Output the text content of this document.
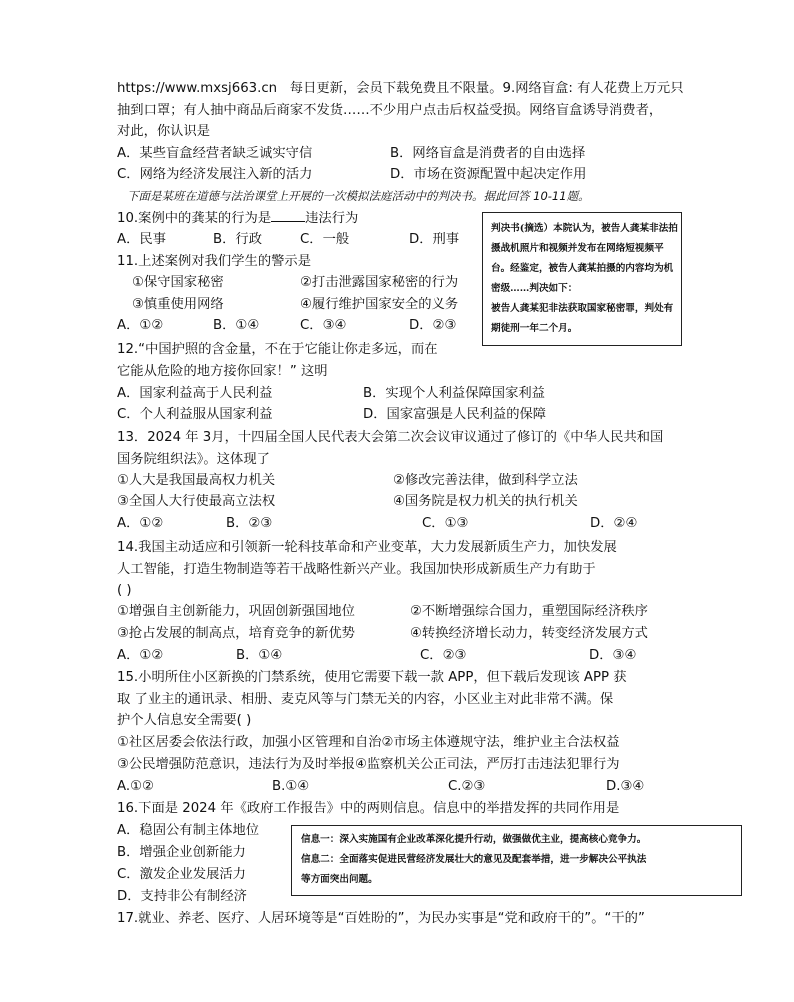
https://www.mxsj663.cn 每日更新，会员下载免费且不限量。9.网络盲盒: 有人花费上万元只
抽到口罩；有人抽中商品后商家不发货……不少用户点击后权益受损。网络盲盒诱导消费者，
对此，你认识是
A．某些盲盒经营者缺乏诚实守信	B．网络盲盒是消费者的自由选择
C．网络为经济发展注入新的活力	D．市场在资源配置中起决定作用
下面是某班在道德与法治课堂上开展的一次模拟法庭活动中的判决书。据此回答 10-11题。
10.案例中的龚某的行为是	违法行为
A．民事	B．行政	C．一般	D．刑事
判决书(摘选）本院认为，被告人龚某非法拍
摄战机照片和视频并发布在网络短视频平
台。经鉴定，被告人龚某拍摄的内容均为机
密级……判决如下：
被告人龚某犯非法获取国家秘密罪，判处有
期徒刑一年二个月。
11.上述案例对我们学生的警示是
①保守国家秘密	②打击泄露国家秘密的行为
③慎重使用网络	④履行维护国家安全的义务
A．①②	B．①④	C．③④	D．②③
12.“中国护照的含金量，不在于它能让你走多远，而在
它能从危险的地方接你回家！” 这明
A．国家利益高于人民利益	B．实现个人利益保障国家利益
C．个人利益服从国家利益	D．国家富强是人民利益的保障
13．2024 年 3月，十四届全国人民代表大会第二次会议审议通过了修订的《中华人民共和国
国务院组织法》。这体现了
①人大是我国最高权力机关	②修改完善法律，做到科学立法
③全国人大行使最高立法权	④国务院是权力机关的执行机关
A．①②	B．②③	C．①③	D．②④
14.我国主动适应和引领新一轮科技革命和产业变革，大力发展新质生产力，加快发展
人工智能，打造生物制造等若干战略性新兴产业。我国加快形成新质生产力有助于
( )
①增强自主创新能力，巩固创新强国地位	②不断增强综合国力，重塑国际经济秩序
③抢占发展的制高点，培育竞争的新优势	④转换经济增长动力，转变经济发展方式
A．①②	B．①④	C．②③	D．③④
15.小明所住小区新换的门禁系统，使用它需要下载一款 APP，但下载后发现该 APP 获
取 了业主的通讯录、相册、麦克风等与门禁无关的内容，小区业主对此非常不满。保
护个人信息安全需要( )
①社区居委会依法行政，加强小区管理和自治②市场主体遵规守法，维护业主合法权益
③公民增强防范意识，违法行为及时举报④监察机关公正司法，严厉打击违法犯罪行为
A.①②	B.①④	C.②③	D.③④
16.下面是 2024 年《政府工作报告》中的两则信息。信息中的举措发挥的共同作用是
A．稳固公有制主体地位
B．增强企业创新能力
C．激发企业发展活力
D．支持非公有制经济
信息一：深入实施国有企业改革深化提升行动，做强做优主业，提高核心竞争力。
信息二：全面落实促进民营经济发展壮大的意见及配套举措，进一步解决公平执法
等方面突出问题。
17.就业、养老、医疗、人居环境等是“百姓盼的”，为民办实事是“党和政府干的”。“干的”
